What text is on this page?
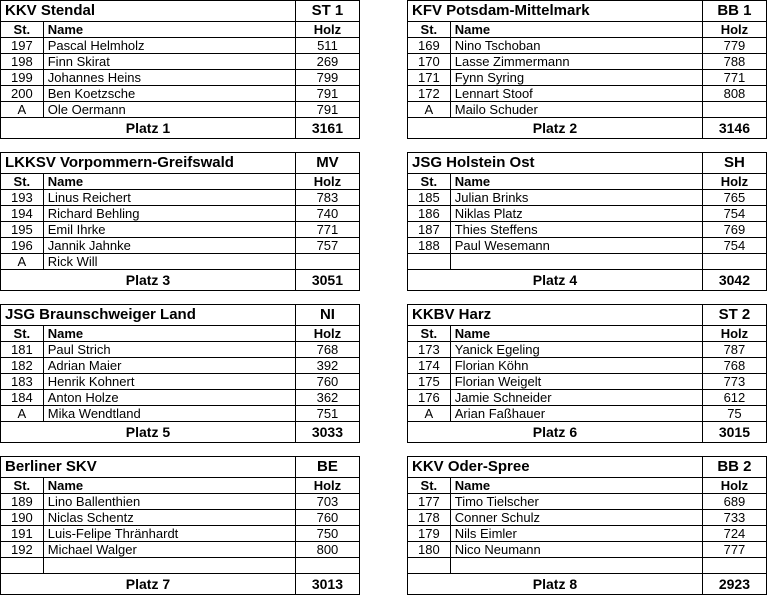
KKV Stendal		ST 1
St.	Name	Holz
197	Pascal Helmholz	511
198	Finn Skirat	269
199	Johannes Heins	799
200	Ben Koetzsche	791
A	Ole Oermann	791
Platz 1		3161
KFV Potsdam-Mittelmark		BB 1
St.	Name	Holz
169	Nino Tschoban	779
170	Lasse Zimmermann	788
171	Fynn Syring	771
172	Lennart Stoof	808
A	Mailo Schuder	
Platz 2		3146
LKKSV Vorpommern-Greifswald		MV
St.	Name	Holz
193	Linus Reichert	783
194	Richard Behling	740
195	Emil Ihrke	771
196	Jannik Jahnke	757
A	Rick Will	
Platz 3		3051
JSG Holstein Ost		SH
St.	Name	Holz
185	Julian Brinks	765
186	Niklas Platz	754
187	Thies Steffens	769
188	Paul Wesemann	754

Platz 4		3042
JSG Braunschweiger Land		NI
St.	Name	Holz
181	Paul Strich	768
182	Adrian Maier	392
183	Henrik Kohnert	760
184	Anton Holze	362
A	Mika Wendtland	751
Platz 5		3033
KKBV Harz		ST 2
St.	Name	Holz
173	Yanick Egeling	787
174	Florian Köhn	768
175	Florian Weigelt	773
176	Jamie Schneider	612
A	Arian Faßhauer	75
Platz 6		3015
Berliner SKV		BE
St.	Name	Holz
189	Lino Ballenthien	703
190	Niclas Schentz	760
191	Luis-Felipe Thränhardt	750
192	Michael Walger	800

Platz 7		3013
KKV Oder-Spree		BB 2
St.	Name	Holz
177	Timo Tielscher	689
178	Conner Schulz	733
179	Nils Eimler	724
180	Nico Neumann	777

Platz 8		2923
